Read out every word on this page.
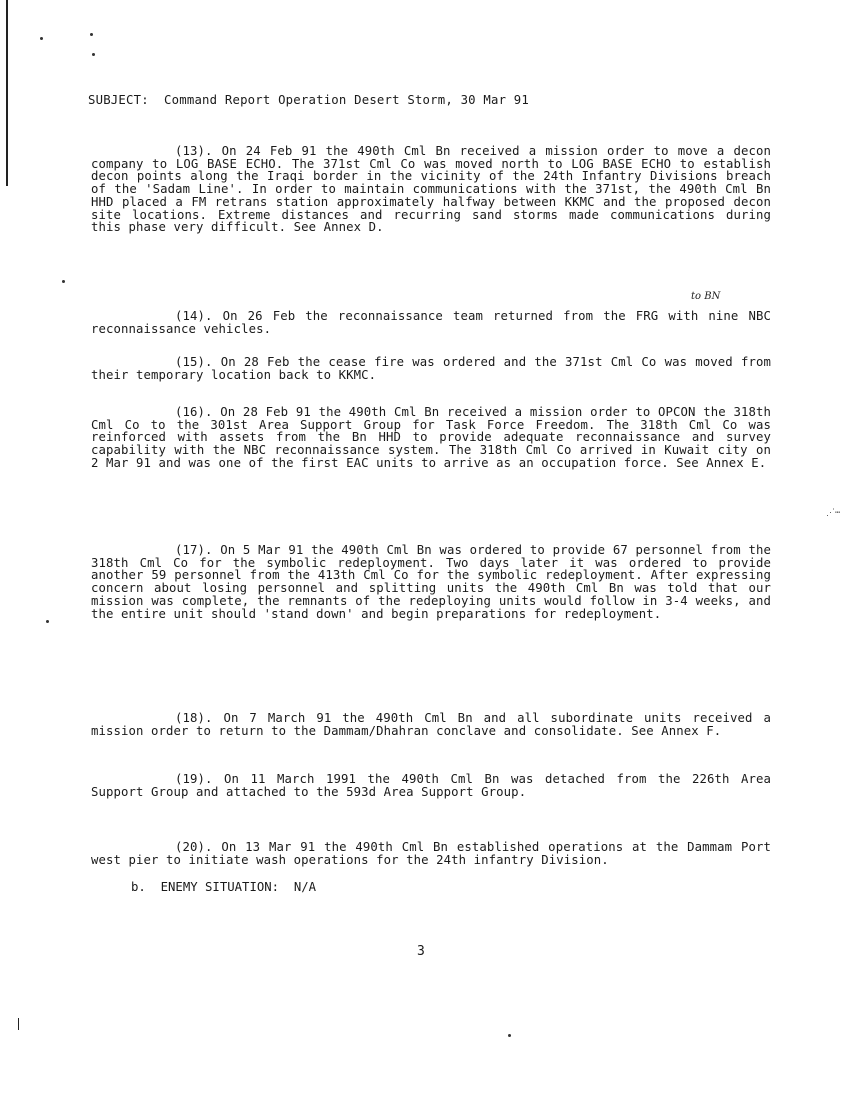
SUBJECT:  Command Report Operation Desert Storm, 30 Mar 91

(13). On 24 Feb 91 the 490th Cml Bn received a mission order to move a decon company to LOG BASE ECHO. The 371st Cml Co was moved north to LOG BASE ECHO to establish decon points along the Iraqi border in the vicinity of the 24th Infantry Divisions breach of the 'Sadam Line'. In order to maintain communications with the 371st, the 490th Cml Bn HHD placed a FM retrans station approximately halfway between KKMC and the proposed decon site locations. Extreme distances and recurring sand storms made communications during this phase very difficult. See Annex D.

to BN

(14). On 26 Feb the reconnaissance team returned from the FRG with nine NBC reconnaissance vehicles.

(15). On 28 Feb the cease fire was ordered and the 371st Cml Co was moved from their temporary location back to KKMC.

(16). On 28 Feb 91 the 490th Cml Bn received a mission order to OPCON the 318th Cml Co to the 301st Area Support Group for Task Force Freedom. The 318th Cml Co was reinforced with assets from the Bn HHD to provide adequate reconnaissance and survey capability with the NBC reconnaissance system. The 318th Cml Co arrived in Kuwait city on 2 Mar 91 and was one of the first EAC units to arrive as an occupation force. See Annex E.

⋰⋯

(17). On 5 Mar 91 the 490th Cml Bn was ordered to provide 67 personnel from the 318th Cml Co for the symbolic redeployment. Two days later it was ordered to provide another 59 personnel from the 413th Cml Co for the symbolic redeployment. After expressing concern about losing personnel and splitting units the 490th Cml Bn was told that our mission was complete, the remnants of the redeploying units would follow in 3-4 weeks, and the entire unit should 'stand down' and begin preparations for redeployment.

(18). On 7 March 91 the 490th Cml Bn and all subordinate units received a mission order to return to the Dammam/Dhahran conclave and consolidate. See Annex F.

(19). On 11 March 1991 the 490th Cml Bn was detached from the 226th Area Support Group and attached to the 593d Area Support Group.

(20). On 13 Mar 91 the 490th Cml Bn established operations at the Dammam Port west pier to initiate wash operations for the 24th infantry Division.

b.  ENEMY SITUATION:  N/A
3
